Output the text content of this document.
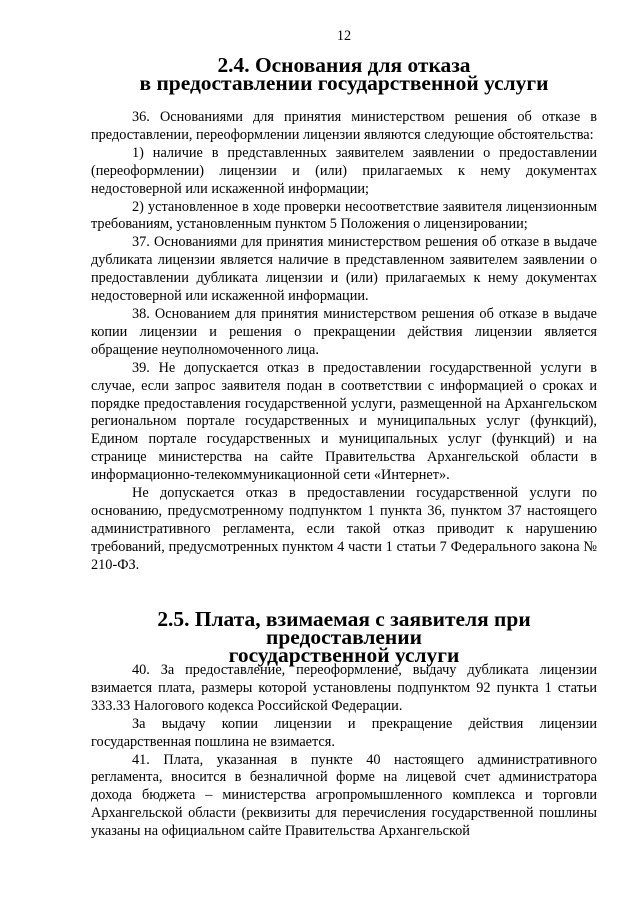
12
2.4. Основания для отказа
в предоставлении государственной услуги

36. Основаниями для принятия министерством решения об отказе в предоставлении, переоформлении лицензии являются следующие обстоятельства:

1) наличие в представленных заявителем заявлении о предоставлении (переоформлении) лицензии и (или) прилагаемых к нему документах недостоверной или искаженной информации;

2) установленное в ходе проверки несоответствие заявителя лицензионным требованиям, установленным пунктом 5 Положения о лицензировании;

37. Основаниями для принятия министерством решения об отказе в выдаче дубликата лицензии является наличие в представленном заявителем заявлении о предоставлении дубликата лицензии и (или) прилагаемых к нему документах недостоверной или искаженной информации.

38. Основанием для принятия министерством решения об отказе в выдаче копии лицензии и решения о прекращении действия лицензии является обращение неуполномоченного лица.

39. Не допускается отказ в предоставлении государственной услуги в случае, если запрос заявителя подан в соответствии с информацией о сроках и порядке предоставления государственной услуги, размещенной на Архангельском региональном портале государственных и муниципальных услуг (функций), Едином портале государственных и муниципальных услуг (функций) и на странице министерства на сайте Правительства Архангельской области в информационно-телекоммуникационной сети «Интернет».

Не допускается отказ в предоставлении государственной услуги по основанию, предусмотренному подпунктом 1 пункта 36, пунктом 37 настоящего административного регламента, если такой отказ приводит к нарушению требований, предусмотренных пунктом 4 части 1 статьи 7 Федерального закона № 210-ФЗ.

2.5. Плата, взимаемая с заявителя при предоставлении
государственной услуги

40. За предоставление, переоформление, выдачу дубликата лицензии взимается плата, размеры которой установлены подпунктом 92 пункта 1 статьи 333.33 Налогового кодекса Российской Федерации.

За выдачу копии лицензии и прекращение действия лицензии государственная пошлина не взимается.

41. Плата, указанная в пункте 40 настоящего административного регламента, вносится в безналичной форме на лицевой счет администратора дохода бюджета – министерства агропромышленного комплекса и торговли Архангельской области (реквизиты для перечисления государственной пошлины указаны на официальном сайте Правительства Архангельской
